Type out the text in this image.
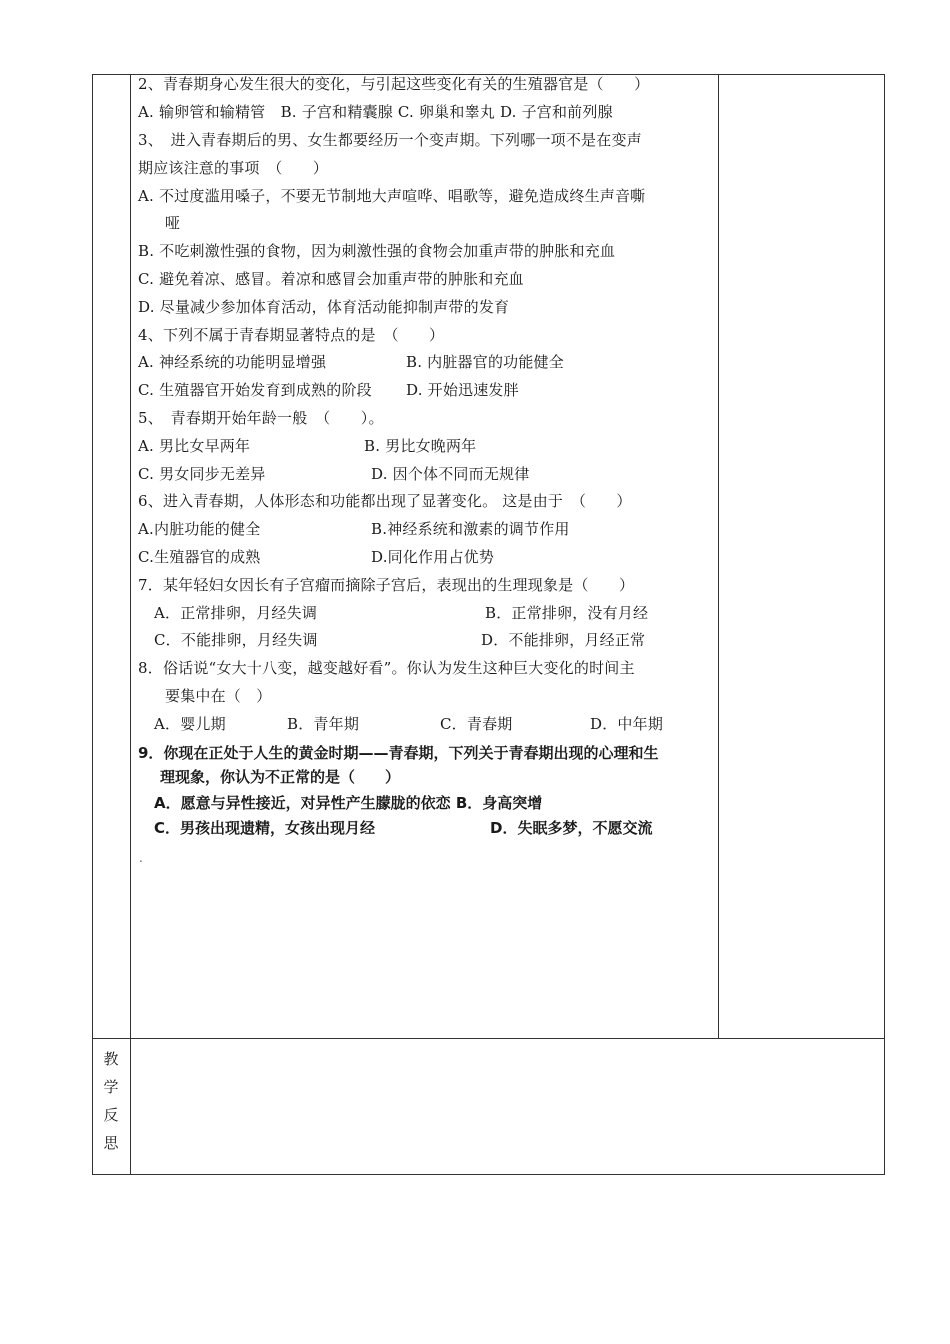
2、青春期身心发生很大的变化，与引起这些变化有关的生殖器官是（　　）
A. 输卵管和输精管　B. 子宫和精囊腺 C. 卵巢和睾丸 D. 子宫和前列腺
3、　进入青春期后的男、女生都要经历一个变声期。下列哪一项不是在变声
期应该注意的事项　（　　）
A. 不过度滥用嗓子，不要无节制地大声喧哗、唱歌等，避免造成终生声音嘶
哑
B. 不吃刺激性强的食物，因为刺激性强的食物会加重声带的肿胀和充血
C. 避免着凉、感冒。着凉和感冒会加重声带的肿胀和充血
D. 尽量减少参加体育活动，体育活动能抑制声带的发育
4、下列不属于青春期显著特点的是　（　　）
A. 神经系统的功能明显增强	B. 内脏器官的功能健全
C. 生殖器官开始发育到成熟的阶段 D. 开始迅速发胖
5、　青春期开始年龄一般　（　　）。
A. 男比女早两年	B. 男比女晚两年
C. 男女同步无差异	D. 因个体不同而无规律
6、进入青春期，人体形态和功能都出现了显著变化。 这是由于　（　　）
A.内脏功能的健全	B.神经系统和激素的调节作用
C.生殖器官的成熟	D.同化作用占优势
7．某年轻妇女因长有子宫瘤而摘除子宫后，表现出的生理现象是（　　）
A．正常排卵，月经失调	B．正常排卵，没有月经
C．不能排卵，月经失调	D．不能排卵，月经正常
8．俗话说“女大十八变，越变越好看”。你认为发生这种巨大变化的时间主
要集中在（　）
A．婴儿期	B．青年期	C．青春期	D．中年期
9．你现在正处于人生的黄金时期——青春期，下列关于青春期出现的心理和生
理现象，你认为不正常的是（　　）
A．愿意与异性接近，对异性产生朦胧的依恋 B．身高突增
C．男孩出现遗精，女孩出现月经	D．失眠多梦，不愿交流
.
教
学
反
思
